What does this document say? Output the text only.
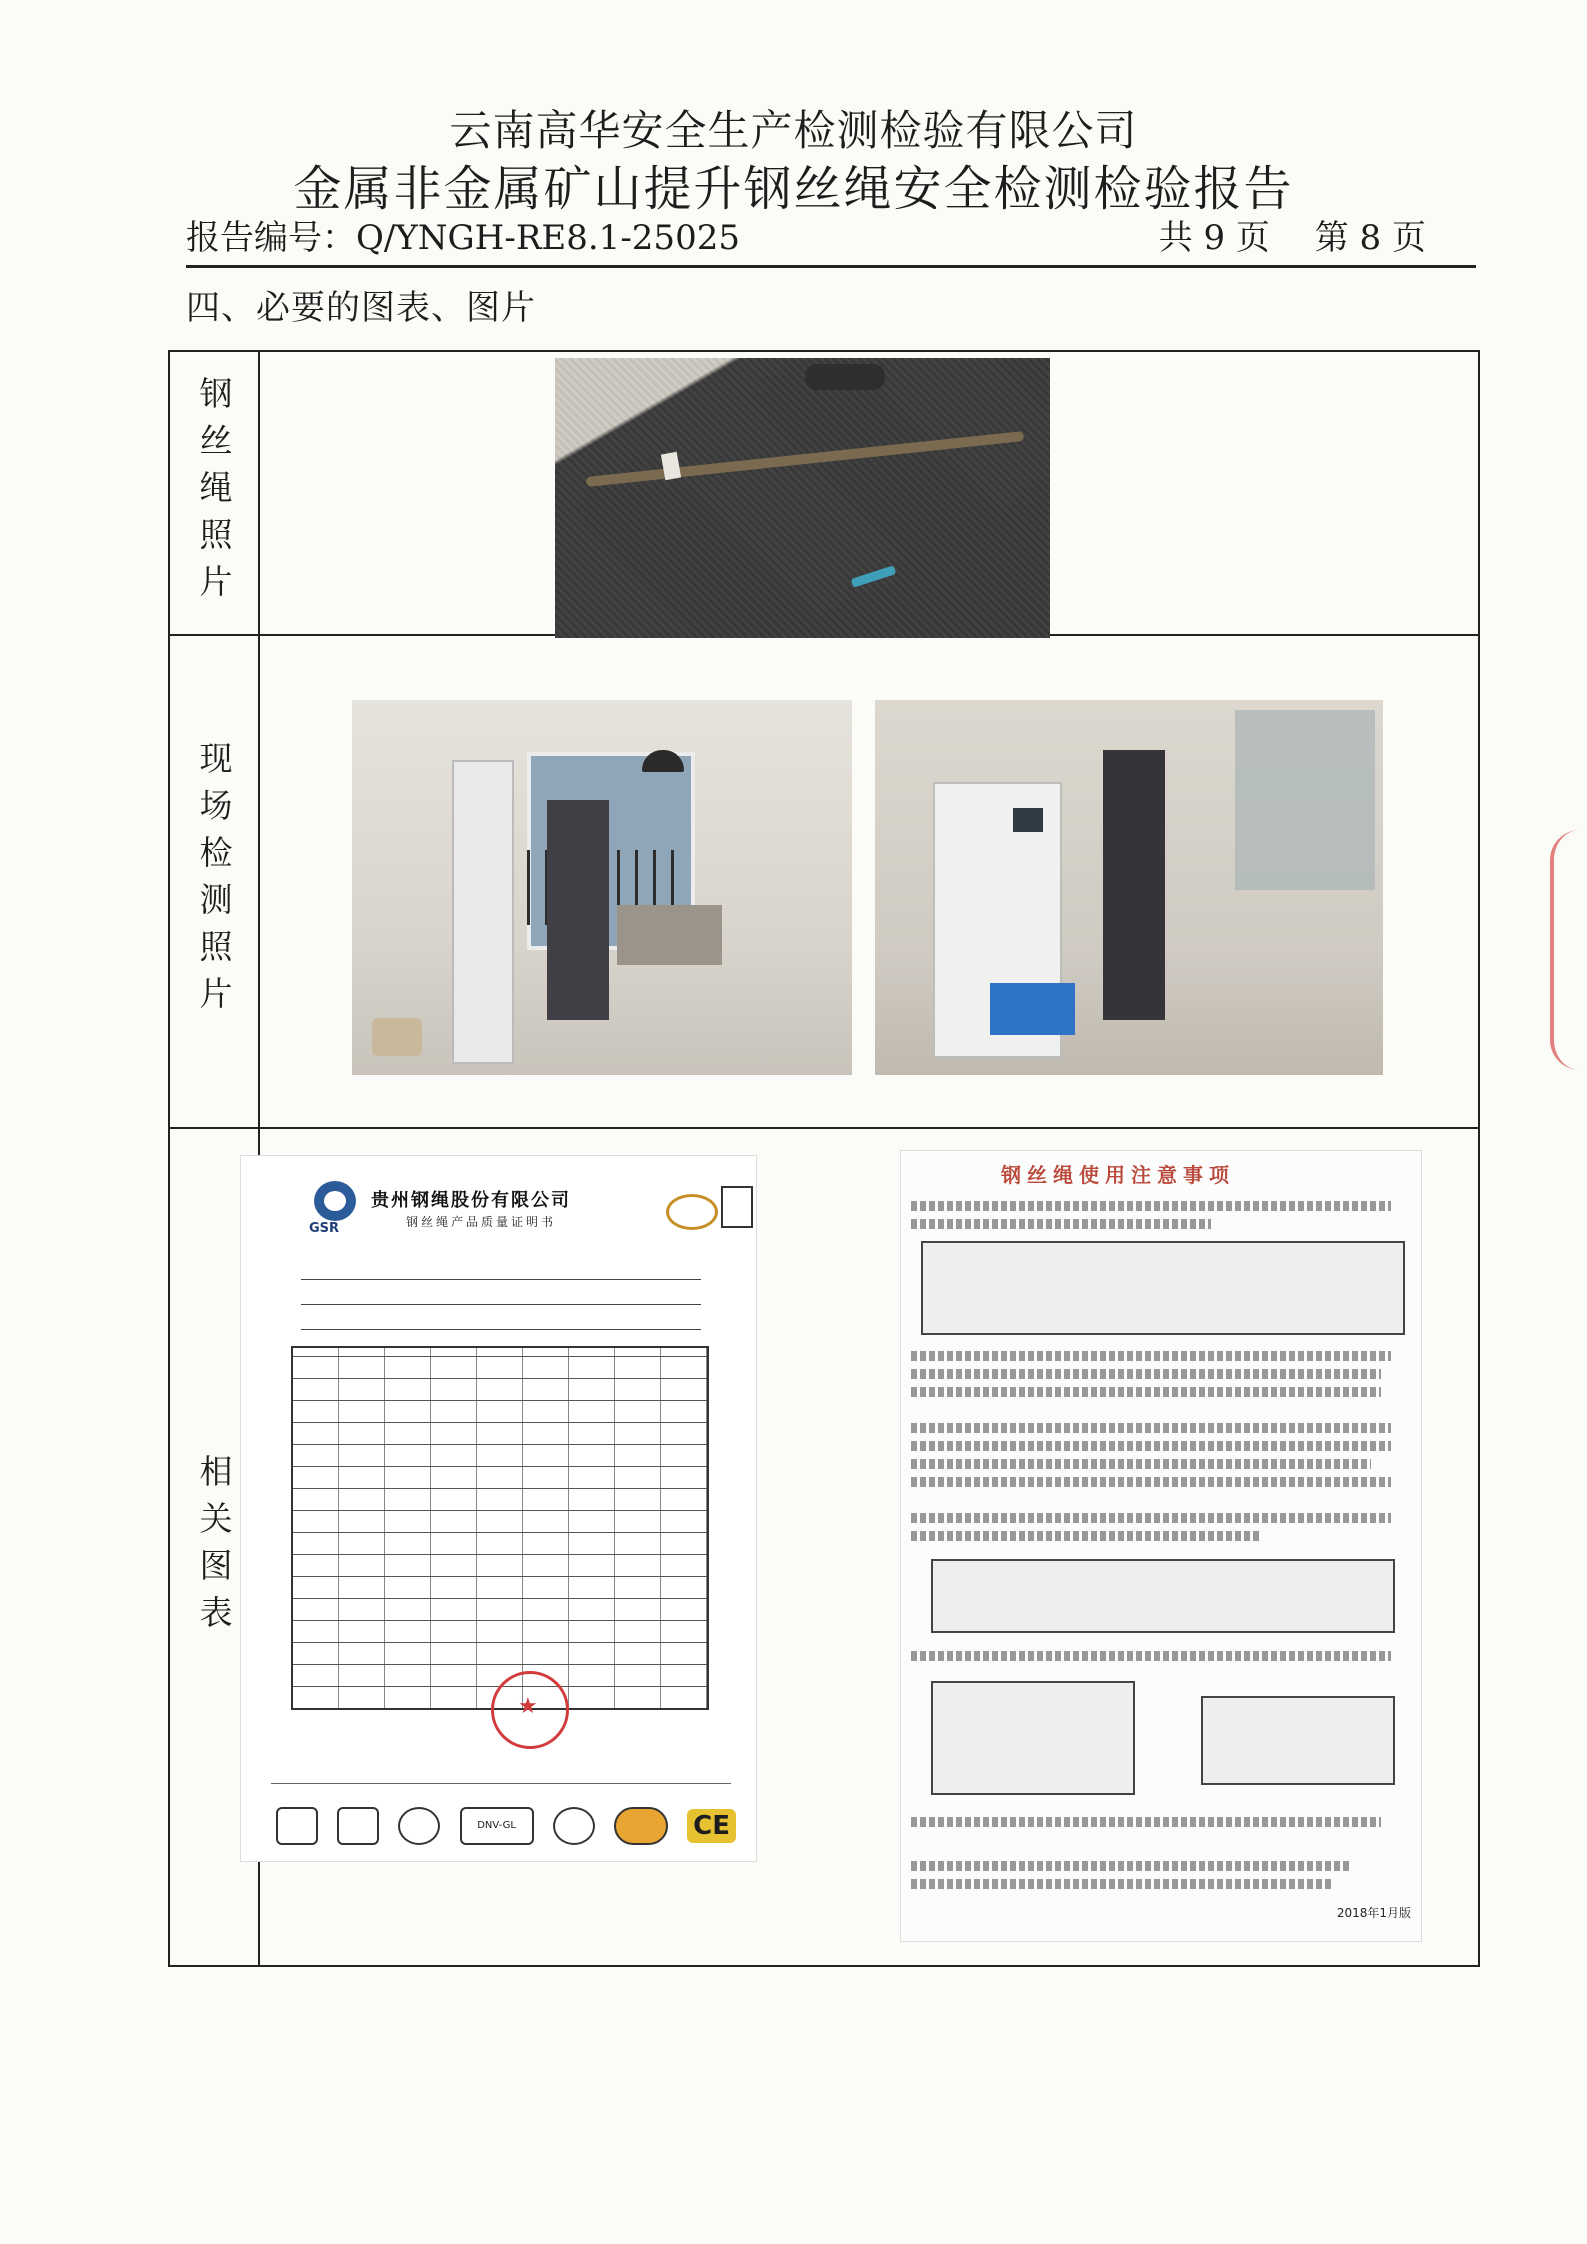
云南高华安全生产检测检验有限公司
金属非金属矿山提升钢丝绳安全检测检验报告
报告编号：Q/YNGH-RE8.1-25025	共 9 页　 第 8 页
四、必要的图表、图片
钢丝绳照片
现场检测照片
相关图表
GSR
贵州钢绳股份有限公司
钢丝绳产品质量证明书
★
DNV-GL	CE
钢丝绳使用注意事项
2018年1月版
